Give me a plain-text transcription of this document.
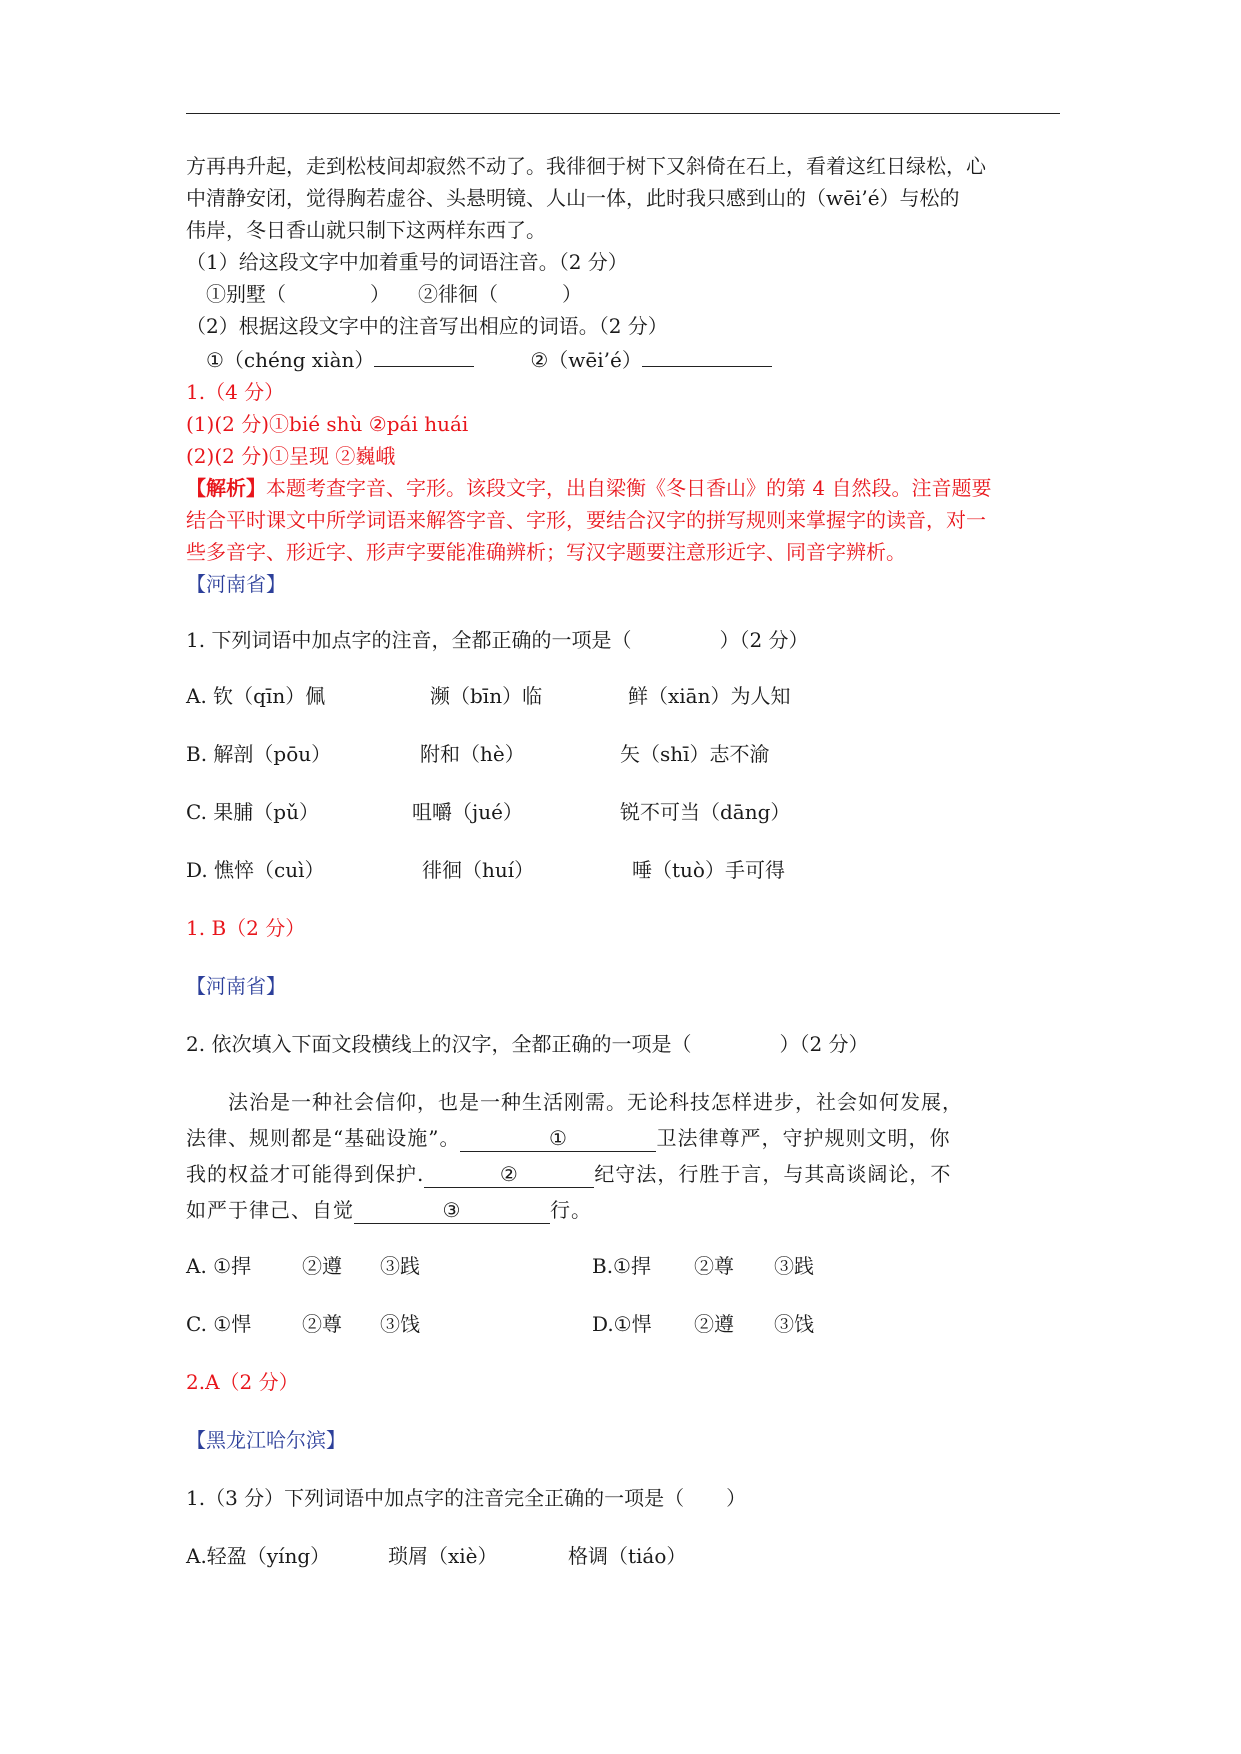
方再冉升起，走到松枝间却寂然不动了。我徘徊于树下又斜倚在石上，看着这红日绿松，心
中清静安闭，觉得胸若虚谷、头悬明镜、人山一体，此时我只感到山的（wēi’é）与松的
伟岸，冬日香山就只制下这两样东西了。
（1）给这段文字中加着重号的词语注音。（2 分）
①别墅（	） ②徘徊（	）
（2）根据这段文字中的注音写出相应的词语。（2 分）
①（chéng xiàn）	②（wēi’é）
1.（4 分）
(1)(2 分)①bié shù ②pái huái
(2)(2 分)①呈现 ②巍峨
【解析】本题考查字音、字形。该段文字，出自梁衡《冬日香山》的第 4 自然段。注音题要
结合平时课文中所学词语来解答字音、字形，要结合汉字的拼写规则来掌握字的读音，对一
些多音字、形近字、形声字要能准确辨析；写汉字题要注意形近字、同音字辨析。
【河南省】
1. 下列词语中加点字的注音，全都正确的一项是（	）（2 分）
A. 钦（qīn）佩	濒（bīn）临	鲜（xiān）为人知
B. 解剖（pōu）	附和（hè）	矢（shī）志不渝
C. 果脯（pǔ）	咀嚼（jué）	锐不可当（dāng）
D. 憔悴（cuì）	徘徊（huí）	唾（tuò）手可得
1. B（2 分）
【河南省】
2. 依次填入下面文段横线上的汉字，全都正确的一项是（	）（2 分）
法治是一种社会信仰，也是一种生活刚需。无论科技怎样进步，社会如何发展，
法律、规则都是“基础设施”。	①	卫法律尊严，守护规则文明，你
我的权益才可能得到保护.	②	纪守法，行胜于言，与其高谈阔论，不
如严于律己、自觉	③	行。
A. ①捍	②遵 ③践	B.①捍 ②尊 ③践
C. ①悍	②尊 ③饯	D.①悍 ②遵 ③饯
2.A（2 分）
【黑龙江哈尔滨】
1.（3 分）下列词语中加点字的注音完全正确的一项是（ ）
A.轻盈（yíng）	琐屑（xiè）	格调（tiáo）
